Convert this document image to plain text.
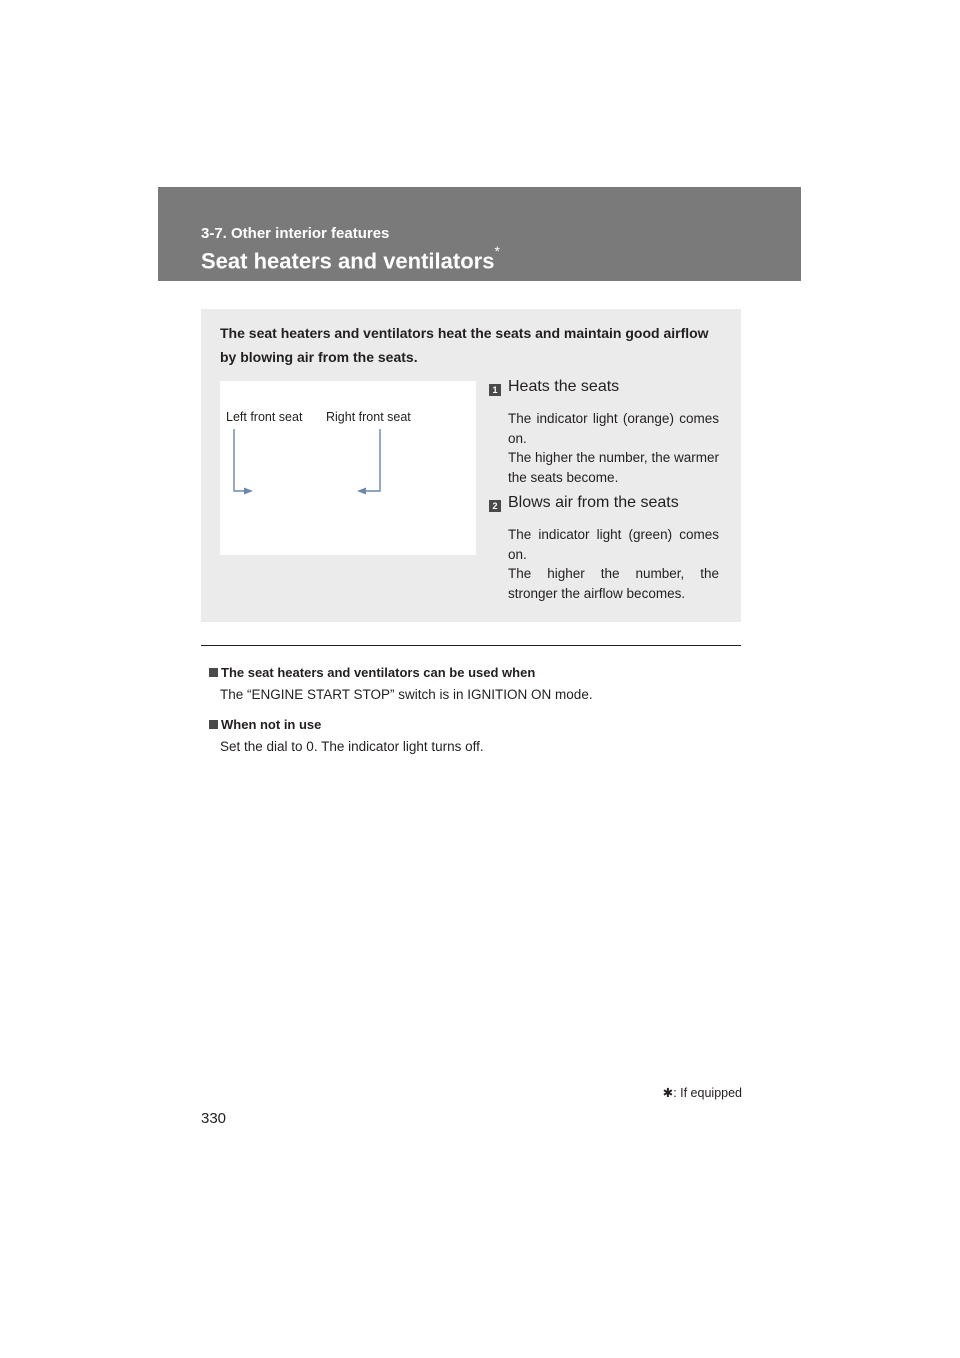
3-7. Other interior features
Seat heaters and ventilators*
The seat heaters and ventilators heat the seats and maintain good airflow by blowing air from the seats.
Left front seat Right front seat
1 Heats the seats

The indicator light (orange) comes on.

The higher the number, the warmer the seats become.

2 Blows air from the seats

The indicator light (green) comes on.

The higher the number, the stronger the airflow becomes.

The seat heaters and ventilators can be used when
The “ENGINE START STOP” switch is in IGNITION ON mode.
When not in use
Set the dial to 0. The indicator light turns off.
✱: If equipped
330
